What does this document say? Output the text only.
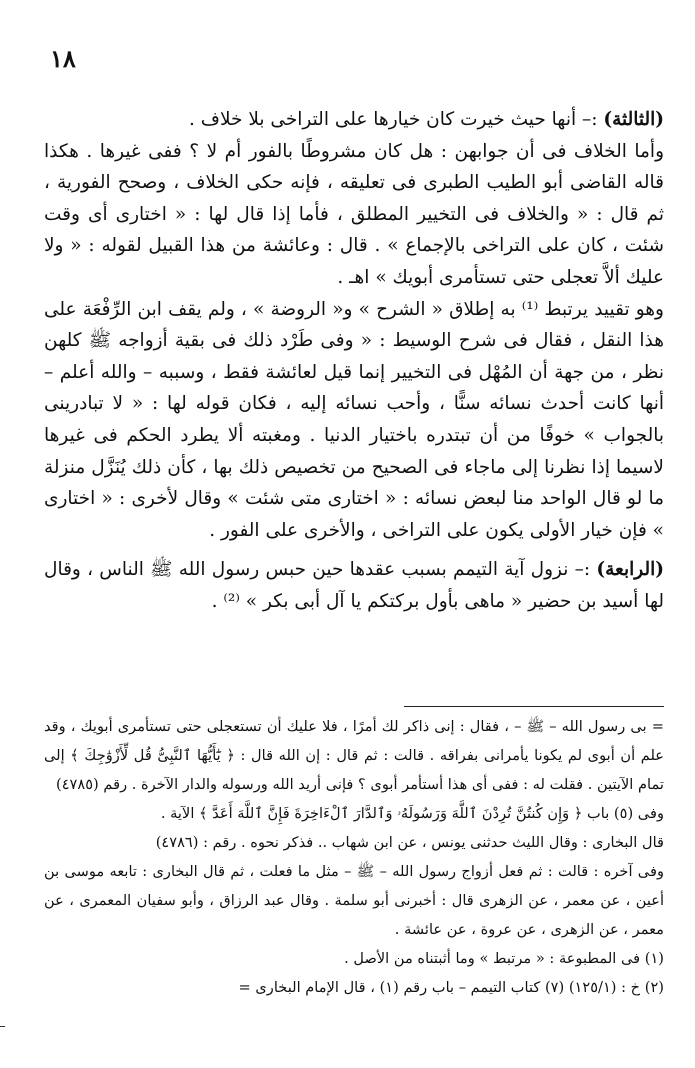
١٨

(الثالثة) :– أنها حيث خيرت كان خيارها على التراخى بلا خلاف .

وأما الخلاف فى أن جوابهن : هل كان مشروطًا بالفور أم لا ؟ ففى غيرها . هكذا قاله القاضى أبو الطيب الطبرى فى تعليقه ، فإنه حكى الخلاف ، وصحح الفورية ، ثم قال : « والخلاف فى التخيير المطلق ، فأما إذا قال لها : « اختارى أى وقت شئت ، كان على التراخى بالإجماع » . قال : وعائشة من هذا القبيل لقوله : « ولا عليك ألاَّ تعجلى حتى تستأمرى أبويك » اهـ .

وهو تقييد يرتبط ⁽¹⁾ به إطلاق « الشرح » و« الروضة » ، ولم يقف ابن الرِّفْعَة على هذا النقل ، فقال فى شرح الوسيط : « وفى طَرْد ذلك فى بقية أزواجه ﷺ كلهن نظر ، من جهة أن المُهْل فى التخيير إنما قيل لعائشة فقط ، وسببه – والله أعلم – أنها كانت أحدث نسائه سنًّا ، وأحب نسائه إليه ، فكان قوله لها : « لا تبادرينى بالجواب » خوفًا من أن تبتدره باختيار الدنيا . ومغبته ألا يطرد الحكم فى غيرها لاسيما إذا نظرنا إلى ماجاء فى الصحيح من تخصيص ذلك بها ، كأن ذلك يُنَزَّل منزلة ما لو قال الواحد منا لبعض نسائه : « اختارى متى شئت » وقال لأخرى : « اختارى » فإن خيار الأولى يكون على التراخى ، والأخرى على الفور .

(الرابعة) :– نزول آية التيمم بسبب عقدها حين حبس رسول الله ﷺ الناس ، وقال لها أسيد بن حضير « ماهى بأول بركتكم يا آل أبى بكر » ⁽²⁾ .

= بى رسول الله – ﷺ – ، فقال : إنى ذاكر لك أمرًا ، فلا عليك أن تستعجلى حتى تستأمرى أبويك ، وقد علم أن أبوى لم يكونا يأمرانى بفراقه . قالت : ثم قال : إن الله قال : ﴿ يَٰٓأَيُّهَا ٱلنَّبِىُّ قُل لِّأَزْوَٰجِكَ ﴾ إلى تمام الآيتين . فقلت له : ففى أى هذا أستأمر أبوى ؟ فإنى أريد الله ورسوله والدار الآخرة . رقم (٤٧٨٥)

وفى (٥) باب ﴿ وَإِن كُنتُنَّ تُرِدْنَ ٱللَّهَ وَرَسُولَهُۥ وَٱلدَّارَ ٱلْءَاخِرَةَ فَإِنَّ ٱللَّهَ أَعَدَّ ﴾ الآية .

قال البخارى : وقال الليث حدثنى يونس ، عن ابن شهاب .. فذكر نحوه . رقم : (٤٧٨٦)

وفى آخره : قالت : ثم فعل أزواج رسول الله – ﷺ – مثل ما فعلت ، ثم قال البخارى : تابعه موسى بن أعين ، عن معمر ، عن الزهرى قال : أخبرنى أبو سلمة . وقال عبد الرزاق ، وأبو سفيان المعمرى ، عن معمر ، عن الزهرى ، عن عروة ، عن عائشة .

(١) فى المطبوعة : « مرتبط » وما أثبتناه من الأصل .

(٢) خ : (١٢٥/١) (٧) كتاب التيمم – باب رقم (١) ، قال الإمام البخارى =
